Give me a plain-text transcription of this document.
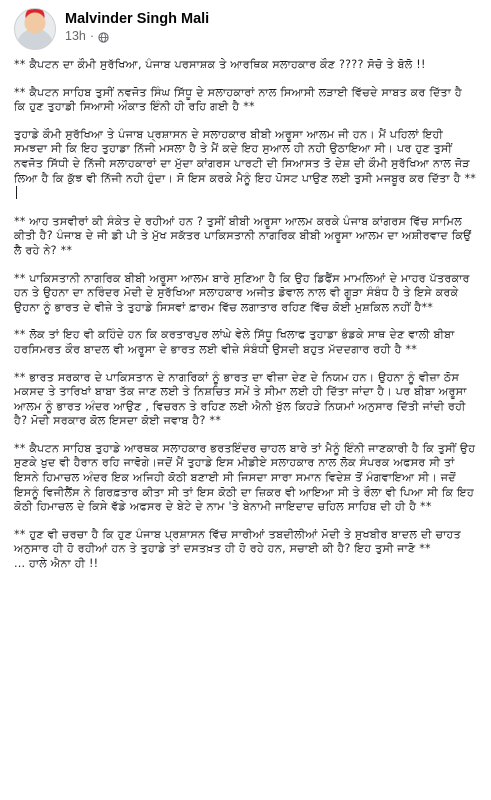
Malvinder Singh Mali
13h ·

** ਕੈਪਟਨ ਦਾ ਕੌਮੀ ਸੁਰੱਖਿਆ, ਪੰਜਾਬ ਪਰਸਾਸ਼ਕ ਤੇ ਆਰਥਿਕ ਸਲਾਹਕਾਰ ਕੌਣ ???? ਸੋਚੋ ਤੇ ਬੋਲੋ !!

** ਕੈਪਟਨ ਸਾਹਿਬ ਤੁਸੀਂ ਨਵਜੋਤ ਸਿੰਘ ਸਿੱਧੂ ਦੇ ਸਲਾਹਕਾਰਾਂ ਨਾਲ ਸਿਆਸੀ ਲੜਾਈ ਵਿੱਚਦੇ ਸਾਬਤ ਕਰ ਦਿੱਤਾ ਹੈ ਕਿ ਹੁਣ ਤੁਹਾਡੀ ਸਿਆਸੀ ਔਕਾਤ ਇੰਨੀ ਹੀ ਰਹਿ ਗਈ ਹੈ **

ਤੁਹਾਡੇ ਕੌਮੀ ਸੁਰੱਖਿਆ ਤੇ ਪੰਜਾਬ ਪ੍ਰਸ਼ਾਸਨ ਦੇ ਸਲਾਹਕਾਰ ਬੀਬੀ ਅਰੂਸਾ ਆਲਮ ਜੀ ਹਨ। ਮੈਂ ਪਹਿਲਾਂ ਇਹੀ ਸਮਝਦਾ ਸੀ ਕਿ ਇਹ ਤੁਹਾਡਾ ਨਿੱਜੀ ਮਸਲਾ ਹੈ ਤੇ ਮੈਂ ਕਦੇ ਇਹ ਸੁਆਲ ਹੀ ਨਹੀ ਉਠਾਇਆ ਸੀ। ਪਰ ਹੁਣ ਤੁਸੀਂ ਨਵਜੋਤ ਸਿੱਧੀ ਦੇ ਨਿੱਜੀ ਸਲਾਹਕਾਰਾਂ ਦਾ ਮੁੱਦਾ ਕਾਂਗਰਸ ਪਾਰਟੀ ਦੀ ਸਿਆਸਤ ਤੋ ਦੇਸ਼ ਦੀ ਕੌਮੀ ਸੁਰੱਖਿਆ ਨਾਲ ਜੋੜ ਲਿਆ ਹੈ ਕਿ ਕੁੱਝ ਵੀ ਨਿੱਜੀ ਨਹੀ ਹੁੰਦਾ। ਸੋ ਇਸ ਕਰਕੇ ਮੈਨੂੰ ਇਹ ਪੋਸਟ ਪਾਉਣ ਲਈ ਤੁਸੀ ਮਜਬੂਰ ਕਰ ਦਿੱਤਾ ਹੈ **

** ਆਹ ਤਸਵੀਰਾਂ ਕੀ ਸੰਕੇਤ ਦੇ ਰਹੀਆਂ ਹਨ ? ਤੁਸੀਂ ਬੀਬੀ ਅਰੂਸਾ ਆਲਮ ਕਰਕੇ ਪੰਜਾਬ ਕਾਂਗਰਸ ਵਿੱਚ ਸਾਮਿਲ ਕੀਤੀ ਹੈ? ਪੰਜਾਬ ਦੇ ਜੀ ਡੀ ਪੀ ਤੇ ਮੁੱਖ ਸਕੱਤਰ ਪਾਕਿਸਤਾਨੀ ਨਾਗਰਿਕ ਬੀਬੀ ਅਰੂਸਾ ਆਲਮ ਦਾ ਅਸ਼ੀਰਵਾਦ ਕਿਉਂ ਲੈ ਰਹੇ ਨੇ? **

** ਪਾਕਿਸਤਾਨੀ ਨਾਗਰਿਕ ਬੀਬੀ ਅਰੂਸਾ ਆਲਮ ਬਾਰੇ ਸੁਣਿਆ ਹੈ ਕਿ ਉਹ ਡਿਫੈਂਸ ਮਾਮਲਿਆਂ ਦੇ ਮਾਹਰ ਪੱਤਰਕਾਰ ਹਨ ਤੇ ਉਹਨਾ ਦਾ ਨਰਿੰਦਰ ਮੋਦੀ ਦੇ ਸੁਰੱਖਿਆ ਸਲਾਹਕਾਰ ਅਜੀਤ ਡੋਵਾਲ ਨਾਲ ਵੀ ਗੂੜਾ ਸੰਬੰਧ ਹੈ ਤੇ ਇਸੇ ਕਰਕੇ ਉਹਨਾ ਨੂੰ ਭਾਰਤ ਦੇ ਵੀਜ਼ੇ ਤੇ ਤੁਹਾਡੇ ਸਿਸਵਾਂ ਫ਼ਾਰਮ ਵਿੱਚ ਲਗਾਤਾਰ ਰਹਿਣ ਵਿੱਚ ਕੋਈ ਮੁਸ਼ਕਿਲ ਨਹੀਂ ਹੈ**

** ਲੋਕ ਤਾਂ ਇਹ ਵੀ ਕਹਿੰਦੇ ਹਨ ਕਿ ਕਰਤਾਰਪੁਰ ਲਾਂਘੇ ਵੇਲੇ ਸਿੱਧੂ ਖਿਲਾਫ ਤੁਹਾਡਾ ਭੰਡਕੇ ਸਾਥ ਦੇਣ ਵਾਲੀ ਬੀਬਾ ਹਰਸਿਮਰਤ ਕੌਰ ਬਾਦਲ ਵੀ ਅਰੂਸਾ ਦੇ ਭਾਰਤ ਲਈ ਵੀਜ਼ੇ ਸੰਬੰਧੀ ਉਸਦੀ ਬਹੁਤ ਮੱਦਦਗਾਰ ਰਹੀ ਹੈ **

** ਭਾਰਤ ਸਰਕਾਰ ਦੇ ਪਾਕਿਸਤਾਨ ਦੇ ਨਾਗਰਿਕਾਂ ਨੂੰ ਭਾਰਤ ਦਾ ਵੀਜ਼ਾ ਦੇਣ ਦੇ ਨਿਯਮ ਹਨ। ਉਹਨਾ ਨੂੰ ਵੀਜ਼ਾ ਠੋਸ ਮਕਸਦ ਤੇ ਤਾਰਿਖਾਂ ਬਾਬਾ ਤੱਕ ਜਾਣ ਲਈ ਤੇ ਨਿਸ਼ਚਿਤ ਸਮੇਂ ਤੇ ਸੀਮਾ ਲਈ ਹੀ ਦਿੱਤਾ ਜਾਂਦਾ ਹੈ। ਪਰ ਬੀਬਾ ਅਰੂਸਾ ਆਲਮ ਨੂੰ ਭਾਰਤ ਅੰਦਰ ਆਉਣ , ਵਿਚਰਨ ਤੇ ਰਹਿਣ ਲਈ ਐਨੀ ਖੁੱਲ ਕਿਹੜੇ ਨਿਯਮਾਂ ਅਨੁਸਾਰ ਦਿੱਤੀ ਜਾਂਦੀ ਰਹੀ ਹੈ? ਮੋਦੀ ਸਰਕਾਰ ਕੋਲ ਇਸਦਾ ਕੋਈ ਜਵਾਬ ਹੈ? **

** ਕੈਪਟਨ ਸਾਹਿਬ ਤੁਹਾਡੇ ਆਰਥਕ ਸਲਾਹਕਾਰ ਭਰਤਇੰਦਰ ਚਾਹਲ ਬਾਰੇ ਤਾਂ ਮੈਨੂੰ ਇੰਨੀ ਜਾਣਕਾਰੀ ਹੈ ਕਿ ਤੁਸੀਂ ਉਹ ਸੁਣਕੇ ਖੁਦ ਵੀ ਹੈਰਾਨ ਰਹਿ ਜਾਵੋਗੇ।ਜਦੋਂ ਮੈਂ ਤੁਹਾਡੇ ਇਸ ਮੀਡੀਏ ਸਲਾਹਕਾਰ ਨਾਲ ਲੋਕ ਸੰਪਰਕ ਅਫਸਰ ਸੀ ਤਾਂ ਇਸਨੇ ਹਿਮਾਚਲ ਅੰਦਰ ਇਕ ਅਜਿਹੀ ਕੋਠੀ ਬਣਾਈ ਸੀ ਜਿਸਦਾ ਸਾਰਾ ਸਮਾਨ ਵਿਦੇਸ਼ ਤੋਂ ਮੰਗਵਾਇਆ ਸੀ। ਜਦੋਂ ਇਸਨੂੰ ਵਿਜੀਲੈਂਸ ਨੇ ਗਿਰਫ਼ਤਾਰ ਕੀਤਾ ਸੀ ਤਾਂ ਇਸ ਕੋਠੀ ਦਾ ਜ਼ਿਕਰ ਵੀ ਆਇਆ ਸੀ ਤੇ ਰੌਲਾ ਵੀ ਪਿਆ ਸੀ ਕਿ ਇਹ ਕੋਠੀ ਹਿਮਾਚਲ ਦੇ ਕਿਸੇ ਵੱਡੇ ਅਫਸਰ ਦੇ ਬੇਟੇ ਦੇ ਨਾਮ 'ਤੇ ਬੇਨਾਮੀ ਜਾਇਦਾਦ ਚਹਿਲ ਸਾਹਿਬ ਦੀ ਹੀ ਹੈ **

** ਹੁਣ ਵੀ ਚਰਚਾ ਹੈ ਕਿ ਹੁਣ ਪੰਜਾਬ ਪ੍ਰਸ਼ਾਸਨ ਵਿੱਚ ਸਾਰੀਆਂ ਤਬਦੀਲੀਆਂ ਮੋਦੀ ਤੇ ਸੁਖਬੀਰ ਬਾਦਲ ਦੀ ਚਾਹਤ ਅਨੁਸਾਰ ਹੀ ਹੋ ਰਹੀਆਂ ਹਨ ਤੇ ਤੁਹਾਡੇ ਤਾਂ ਦਸਤਖ਼ਤ ਹੀ ਹੋ ਰਹੇ ਹਨ, ਸਚਾਈ ਕੀ ਹੈ? ਇਹ ਤੁਸੀ ਜਾਣੋ **
... ਹਾਲੇ ਐਨਾ ਹੀ !!
